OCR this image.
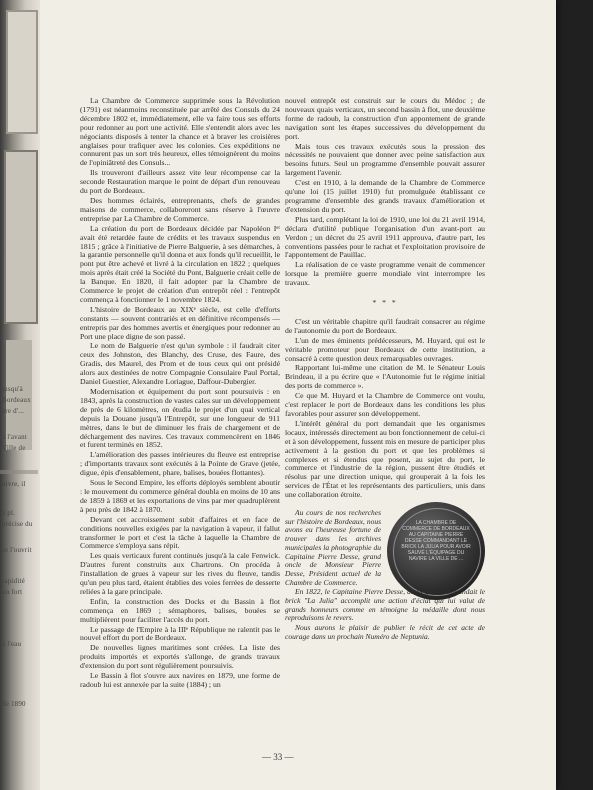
jusqu'à
Bordeaux
ère d'...
à l'avant
Ville de
nivre, il
à pl.
précise du
se l'ouvrit
rapidité
un fort
à l'eau
de 1890

La Chambre de Commerce supprimée sous la Révolution (1791) est néanmoins reconstituée par arrêté des Consuls du 24 décembre 1802 et, immédiatement, elle va faire tous ses efforts pour redonner au port une activité. Elle s'entendit alors avec les négociants disposés à tenter la chance et à braver les croisières anglaises pour trafiquer avec les colonies. Ces expéditions ne connurent pas un sort très heureux, elles témoignèrent du moins de l'opiniâtreté des Consuls...

Ils trouveront d'ailleurs assez vite leur récompense car la seconde Restauration marque le point de départ d'un renouveau du port de Bordeaux.

Des hommes éclairés, entreprenants, chefs de grandes maisons de commerce, collaboreront sans réserve à l'œuvre entreprise par La Chambre de Commerce.

La création du port de Bordeaux décidée par Napoléon Iᵉʳ avait été retardée faute de crédits et les travaux suspendus en 1815 ; grâce à l'initiative de Pierre Balguerie, à ses démarches, à la garantie personnelle qu'il donna et aux fonds qu'il recueillit, le pont put être achevé et livré à la circulation en 1822 ; quelques mois après était créé la Société du Pont, Balguerie créait celle de la Banque. En 1820, il fait adopter par la Chambre de Commerce le projet de création d'un entrepôt réel : l'entrepôt commença à fonctionner le 1 novembre 1824.

L'histoire de Bordeaux au XIXᵉ siècle, est celle d'efforts constants — souvent contrariés et en définitive récompensés — entrepris par des hommes avertis et énergiques pour redonner au Port une place digne de son passé.

Le nom de Balguerie n'est qu'un symbole : il faudrait citer ceux des Johnston, des Blanchy, des Cruse, des Faure, des Gradis, des Maurel, des Prom et de tous ceux qui ont présidé alors aux destinées de notre Compagnie Consulaire Paul Portal, Daniel Guestier, Alexandre Loriague, Daffour-Dubergier.

Modernisation et équipement du port sont poursuivis : en 1843, après la construction de vastes cales sur un développement de près de 6 kilomètres, on étudia le projet d'un quai vertical depuis la Douane jusqu'à l'Entrepôt, sur une longueur de 911 mètres, dans le but de diminuer les frais de chargement et de déchargement des navires. Ces travaux commencèrent en 1846 et furent terminés en 1852.

L'amélioration des passes intérieures du fleuve est entreprise ; d'importants travaux sont exécutés à la Pointe de Grave (jetée, digue, épis d'ensablement, phare, balises, bouées flottantes).

Sous le Second Empire, les efforts déployés semblent aboutir : le mouvement du commerce général doubla en moins de 10 ans de 1859 à 1869 et les exportations de vins par mer quadruplèrent à peu près de 1842 à 1870.

Devant cet accroissement subit d'affaires et en face de conditions nouvelles exigées par la navigation à vapeur, il fallut transformer le port et c'est la tâche à laquelle la Chambre de Commerce s'employa sans répit.

Les quais verticaux furent continués jusqu'à la cale Fenwick. D'autres furent construits aux Chartrons. On procéda à l'installation de grues à vapeur sur les rives du fleuve, tandis qu'un peu plus tard, étaient établies des voies ferrées de desserte reliées à la gare principale.

Enfin, la construction des Docks et du Bassin à flot commença en 1869 ; sémaphores, balises, bouées se multiplièrent pour faciliter l'accès du port.

Le passage de l'Empire à la IIIᵉ République ne ralentit pas le nouvel effort du port de Bordeaux.

De nouvelles lignes maritimes sont créées. La liste des produits importés et exportés s'allonge, de grands travaux d'extension du port sont régulièrement poursuivis.

Le Bassin à flot s'ouvre aux navires en 1879, une forme de radoub lui est annexée par la suite (1884) ; un

nouvel entrepôt est construit sur le cours du Médoc ; de nouveaux quais verticaux, un second bassin à flot, une deuxième forme de radoub, la construction d'un appontement de grande navigation sont les étapes successives du développement du port.

Mais tous ces travaux exécutés sous la pression des nécessités ne pouvaient que donner avec peine satisfaction aux besoins futurs. Seul un programme d'ensemble pouvait assurer largement l'avenir.

C'est en 1910, à la demande de la Chambre de Commerce qu'une loi (15 juillet 1910) fut promulguée établissant ce programme d'ensemble des grands travaux d'amélioration et d'extension du port.

Plus tard, complétant la loi de 1910, une loi du 21 avril 1914, déclara d'utilité publique l'organisation d'un avant-port au Verdon ; un décret du 25 avril 1911 approuva, d'autre part, les conventions passées pour le rachat et l'exploitation provisoire de l'appontement de Pauillac.

La réalisation de ce vaste programme venait de commencer lorsque la première guerre mondiale vint interrompre les travaux.

* * *

C'est un véritable chapitre qu'il faudrait consacrer au régime de l'autonomie du port de Bordeaux.

L'un de mes éminents prédécesseurs, M. Huyard, qui est le véritable promoteur pour Bordeaux de cette institution, a consacré à cette question deux remarquables ouvrages.

Rapportant lui-même une citation de M. le Sénateur Louis Brindeau, il a pu écrire que « l'Autonomie fut le régime initial des ports de commerce ».

Ce que M. Huyard et la Chambre de Commerce ont voulu, c'est replacer le port de Bordeaux dans les conditions les plus favorables pour assurer son développement.

L'intérêt général du port demandait que les organismes locaux, intéressés directement au bon fonctionnement de celui-ci et à son développement, fussent mis en mesure de participer plus activement à la gestion du port et que les problèmes si complexes et si étendus que posent, au sujet du port, le commerce et l'industrie de la région, pussent être étudiés et résolus par une direction unique, qui grouperait à la fois les services de l'État et les représentants des particuliers, unis dans une collaboration étroite.

LA CHAMBRE DE COMMERCE DE BORDEAUX AU CAPITAINE PIERRE DESSE COMMANDANT LE BRICK LA JULIA POUR AVOIR SAUVÉ L'ÉQUIPAGE DU NAVIRE LA VILLE DE ...

Au cours de nos recherches sur l'histoire de Bordeaux, nous avons eu l'heureuse fortune de trouver dans les archives municipales la photographie du Capitaine Pierre Desse, grand oncle de Monsieur Pierre Desse, Président actuel de la Chambre de Commerce.

En 1822, le Capitaine Pierre Desse, alors qu'il commandait le brick "La Julia" accomplit une action d'éclat qui lui valut de grands honneurs comme en témoigne la médaille dont nous reproduisons le revers.

Nous aurons le plaisir de publier le récit de cet acte de courage dans un prochain Numéro de Neptunia.

— 33 —
